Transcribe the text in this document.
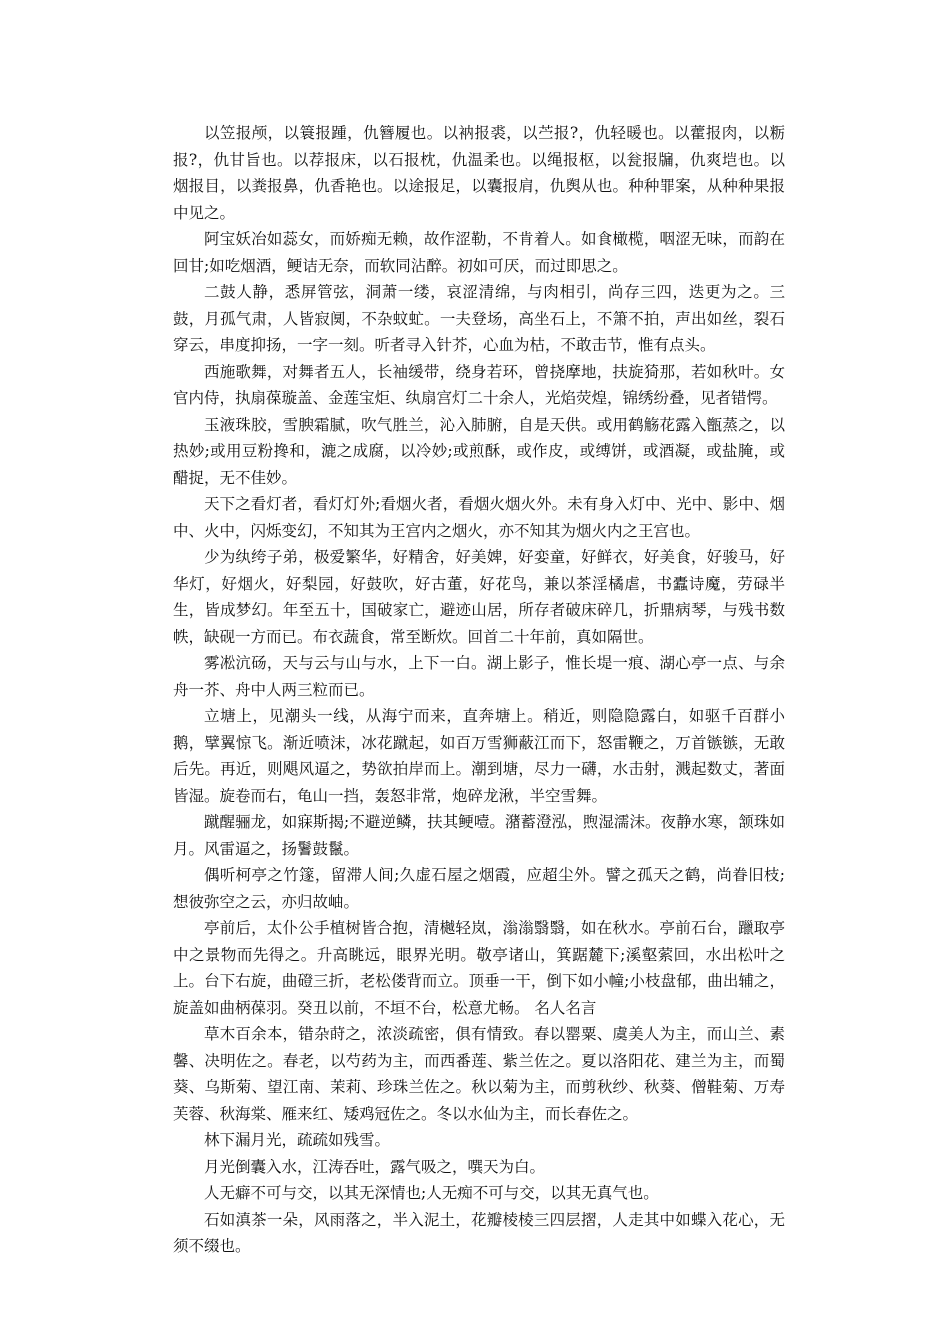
以笠报颅，以簑报踵，仇簪履也。以衲报裘，以苎报?，仇轻暖也。以藿报肉，以粝报?，仇甘旨也。以荐报床，以石报枕，仇温柔也。以绳报枢，以瓮报牖，仇爽垲也。以烟报目，以粪报鼻，仇香艳也。以途报足，以囊报肩，仇舆从也。种种罪案，从种种果报中见之。

阿宝妖冶如蕊女，而娇痴无赖，故作涩勒，不肯着人。如食橄榄，咽涩无味，而韵在回甘;如吃烟酒，鲠诘无奈，而软同沾醉。初如可厌，而过即思之。

二鼓人静，悉屏管弦，洞萧一缕，哀涩清绵，与肉相引，尚存三四，迭更为之。三鼓，月孤气肃，人皆寂阒，不杂蚊虻。一夫登场，高坐石上，不箫不拍，声出如丝，裂石穿云，串度抑扬，一字一刻。听者寻入针芥，心血为枯，不敢击节，惟有点头。

西施歌舞，对舞者五人，长袖缓带，绕身若环，曾挠摩地，扶旋猗那，若如秋叶。女官内侍，执扇葆璇盖、金莲宝炬、纨扇宫灯二十余人，光焰荧煌，锦绣纷叠，见者错愕。

玉液珠胶，雪腴霜腻，吹气胜兰，沁入肺腑，自是天供。或用鹤觞花露入甑蒸之，以热妙;或用豆粉搀和，漉之成腐，以冷妙;或煎酥，或作皮，或缚饼，或酒凝，或盐腌，或醋捉，无不佳妙。

天下之看灯者，看灯灯外;看烟火者，看烟火烟火外。未有身入灯中、光中、影中、烟中、火中，闪烁变幻，不知其为王宫内之烟火，亦不知其为烟火内之王宫也。

少为纨绔子弟，极爱繁华，好精舍，好美婢，好娈童，好鲜衣，好美食，好骏马，好华灯，好烟火，好梨园，好鼓吹，好古董，好花鸟，兼以茶淫橘虐，书蠹诗魔，劳碌半生，皆成梦幻。年至五十，国破家亡，避迹山居，所存者破床碎几，折鼎病琴，与残书数帙，缺砚一方而已。布衣蔬食，常至断炊。回首二十年前，真如隔世。

雾凇沆砀，天与云与山与水，上下一白。湖上影子，惟长堤一痕、湖心亭一点、与余舟一芥、舟中人两三粒而已。

立塘上，见潮头一线，从海宁而来，直奔塘上。稍近，则隐隐露白，如驱千百群小鹅，擘翼惊飞。渐近喷沫，冰花蹴起，如百万雪狮蔽江而下，怒雷鞭之，万首镞镞，无敢后先。再近，则飓风逼之，势欲拍岸而上。潮到塘，尽力一礴，水击射，溅起数丈，著面皆湿。旋卷而右，龟山一挡，轰怒非常，炮碎龙湫，半空雪舞。

蹴醒骊龙，如寐斯揭;不避逆鳞，扶其鲠噎。潴蓄澄泓，煦湿濡沫。夜静水寒，颔珠如月。风雷逼之，扬鬐鼓鬣。

偶听柯亭之竹篴，留滞人间;久虚石屋之烟霞，应超尘外。譬之孤天之鹤，尚眷旧枝;想彼弥空之云，亦归故岫。

亭前后，太仆公手植树皆合抱，清樾轻岚，滃滃翳翳，如在秋水。亭前石台，躐取亭中之景物而先得之。升高眺远，眼界光明。敬亭诸山，箕踞麓下;溪壑萦回，水出松叶之上。台下右旋，曲磴三折，老松偻背而立。顶垂一干，倒下如小幢;小枝盘郁，曲出辅之，旋盖如曲柄葆羽。癸丑以前，不垣不台，松意尤畅。 名人名言

草木百余本，错杂莳之，浓淡疏密，俱有情致。春以罂粟、虞美人为主，而山兰、素馨、决明佐之。春老，以芍药为主，而西番莲、紫兰佐之。夏以洛阳花、建兰为主，而蜀葵、乌斯菊、望江南、茉莉、珍珠兰佐之。秋以菊为主，而剪秋纱、秋葵、僧鞋菊、万寿芙蓉、秋海棠、雁来红、矮鸡冠佐之。冬以水仙为主，而长春佐之。

林下漏月光，疏疏如残雪。

月光倒囊入水，江涛吞吐，露气吸之，噀天为白。

人无癖不可与交，以其无深情也;人无痴不可与交，以其无真气也。

石如滇茶一朵，风雨落之，半入泥土，花瓣棱棱三四层摺，人走其中如蝶入花心，无须不缀也。
